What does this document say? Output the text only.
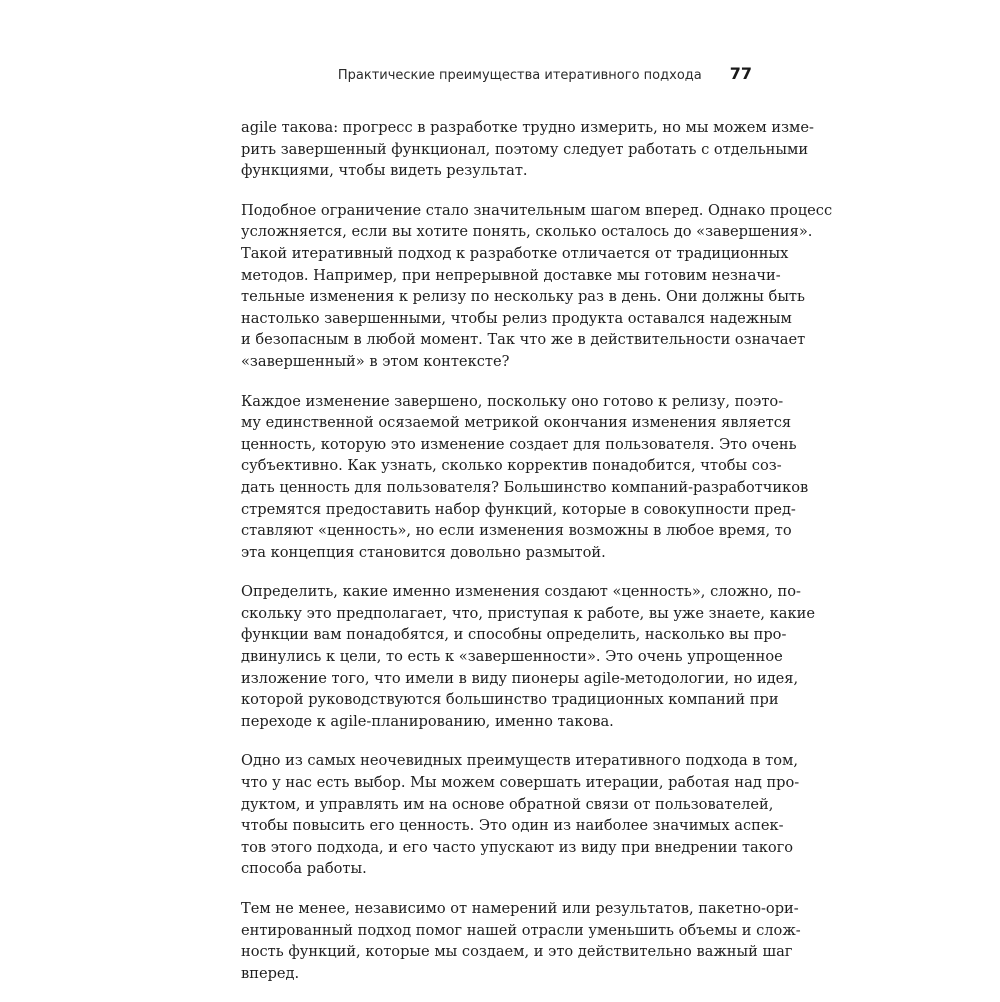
Практические преимущества итеративного подхода 77

agile такова: прогресс в разработке трудно измерить, но мы можем изме-
рить завершенный функционал, поэтому следует работать с отдельными
функциями, чтобы видеть результат.

Подобное ограничение стало значительным шагом вперед. Однако процесс
усложняется, если вы хотите понять, сколько осталось до «завершения».
Такой итеративный подход к разработке отличается от традиционных
методов. Например, при непрерывной доставке мы готовим незначи-
тельные изменения к релизу по нескольку раз в день. Они должны быть
настолько завершенными, чтобы релиз продукта оставался надежным
и безопасным в любой момент. Так что же в действительности означает
«завершенный» в этом контексте?

Каждое изменение завершено, поскольку оно готово к релизу, поэто-
му единственной осязаемой метрикой окончания изменения является
ценность, которую это изменение создает для пользователя. Это очень
субъективно. Как узнать, сколько корректив понадобится, чтобы соз-
дать ценность для пользователя? Большинство компаний-разработчиков
стремятся предоставить набор функций, которые в совокупности пред-
ставляют «ценность», но если изменения возможны в любое время, то
эта концепция становится довольно размытой.

Определить, какие именно изменения создают «ценность», сложно, по-
скольку это предполагает, что, приступая к работе, вы уже знаете, какие
функции вам понадобятся, и способны определить, насколько вы про-
двинулись к цели, то есть к «завершенности». Это очень упрощенное
изложение того, что имели в виду пионеры agile-методологии, но идея,
которой руководствуются большинство традиционных компаний при
переходе к agile-планированию, именно такова.

Одно из самых неочевидных преимуществ итеративного подхода в том,
что у нас есть выбор. Мы можем совершать итерации, работая над про-
дуктом, и управлять им на основе обратной связи от пользователей,
чтобы повысить его ценность. Это один из наиболее значимых аспек-
тов этого подхода, и его часто упускают из виду при внедрении такого
способа работы.

Тем не менее, независимо от намерений или результатов, пакетно-ори-
ентированный подход помог нашей отрасли уменьшить объемы и слож-
ность функций, которые мы создаем, и это действительно важный шаг
вперед.
